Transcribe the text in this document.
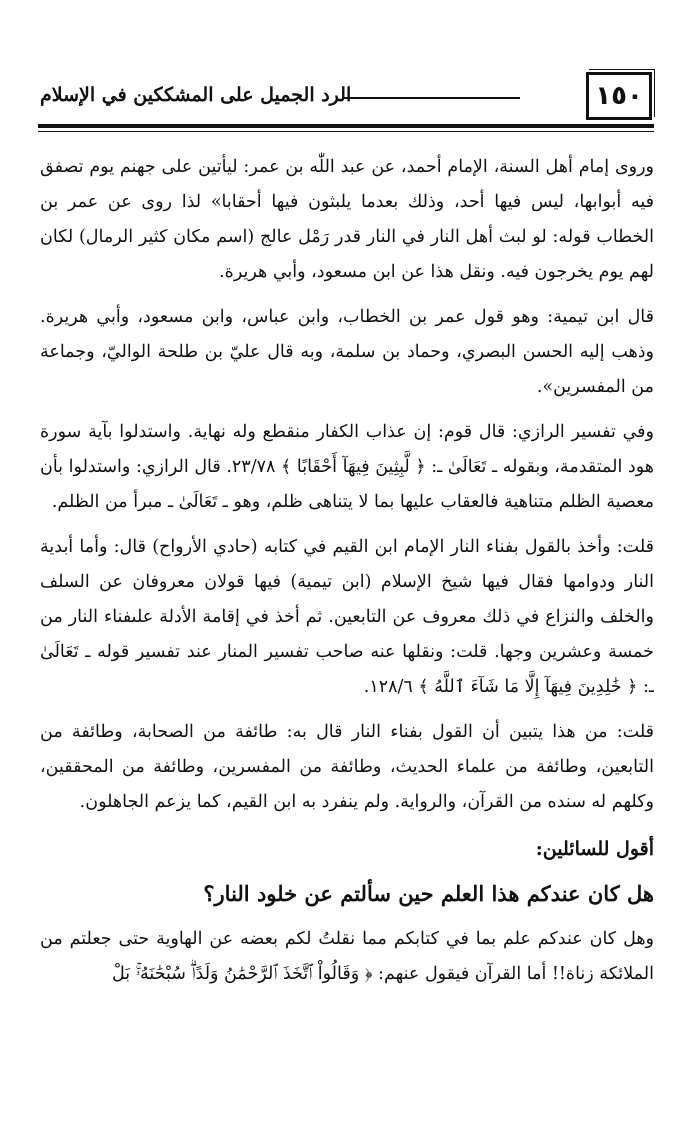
١٥٠
الرد الجميل على المشككين في الإسلام

وروى إمام أهل السنة، الإمام أحمد، عن عبد اللّٰه بن عمر: ليأتين على جهنم يوم تصفق فيه أبوابها، ليس فيها أحد، وذلك بعدما يلبثون فيها أحقابا» لذا روى عن عمر بن الخطاب قوله: لو لبث أهل النار في النار قدر رَمْل عالج (اسم مكان كثير الرمال) لكان لهم يوم يخرجون فيه. ونقل هذا عن ابن مسعود، وأبي هريرة.

قال ابن تيمية: وهو قول عمر بن الخطاب، وابن عباس، وابن مسعود، وأبي هريرة. وذهب إليه الحسن البصري، وحماد بن سلمة، وبه قال عليّ بن طلحة الواليّ، وجماعة من المفسرين».

وفي تفسير الرازي: قال قوم: إن عذاب الكفار منقطع وله نهاية. واستدلوا بآية سورة هود المتقدمة، وبقوله ـ تَعَالَىٰ ـ: ﴿ لَّبِثِينَ فِيهَآ أَحْقَابًا ﴾ ٢٣/٧٨. قال الرازي: واستدلوا بأن معصية الظلم متناهية فالعقاب عليها بما لا يتناهى ظلم، وهو ـ تَعَالَىٰ ـ مبرأ من الظلم.

قلت: وأخذ بالقول بفناء النار الإمام ابن القيم في كتابه (حادي الأرواح) قال: وأما أبدية النار ودوامها فقال فيها شيخ الإسلام (ابن تيمية) فيها قولان معروفان عن السلف والخلف والنزاع في ذلك معروف عن التابعين. ثم أخذ في إقامة الأدلة علىفناء النار من خمسة وعشرين وجها. قلت: ونقلها عنه صاحب تفسير المنار عند تفسير قوله ـ تَعَالَىٰ ـ: ﴿ خَٰلِدِينَ فِيهَآ إِلَّا مَا شَآءَ ٱللَّهُ ﴾ ١٢٨/٦.

قلت: من هذا يتبين أن القول بفناء النار قال به: طائفة من الصحابة، وطائفة من التابعين، وطائفة من علماء الحديث، وطائفة من المفسرين، وطائفة من المحققين، وكلهم له سنده من القرآن، والرواية. ولم ينفرد به ابن القيم، كما يزعم الجاهلون.

أقول للسائلين:
هل كان عندكم هذا العلم حين سألتم عن خلود النار؟

وهل كان عندكم علم بما في كتابكم مما نقلتُ لكم بعضه عن الهاوية حتى جعلتم من الملائكة زناة!! أما القرآن فيقول عنهم: ﴿ وَقَالُواْ ٱتَّخَذَ ٱلرَّحْمَٰنُ وَلَدًاۗ سُبْحَٰنَهُۥۚ بَلْ
